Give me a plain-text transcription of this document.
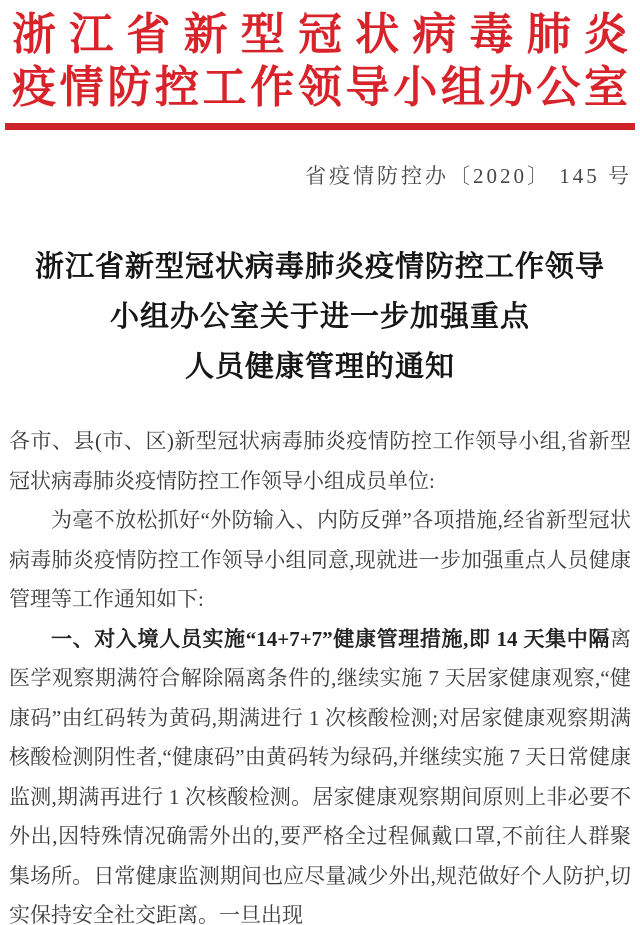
浙 江 省 新 型 冠 状 病 毒 肺 炎
疫 情 防 控 工 作 领 导 小 组 办 公 室
省疫情防控办〔2020〕 145 号
浙江省新型冠状病毒肺炎疫情防控工作领导
小组办公室关于进一步加强重点
人员健康管理的通知

各市、县(市、区)新型冠状病毒肺炎疫情防控工作领导小组,省新型冠状病毒肺炎疫情防控工作领导小组成员单位:

为毫不放松抓好“外防输入、内防反弹”各项措施,经省新型冠状病毒肺炎疫情防控工作领导小组同意,现就进一步加强重点人员健康管理等工作通知如下:

一、对入境人员实施“14+7+7”健康管理措施,即 14 天集中隔离医学观察期满符合解除隔离条件的,继续实施 7 天居家健康观察,“健康码”由红码转为黄码,期满进行 1 次核酸检测;对居家健康观察期满核酸检测阴性者,“健康码”由黄码转为绿码,并继续实施 7 天日常健康监测,期满再进行 1 次核酸检测。居家健康观察期间原则上非必要不外出,因特殊情况确需外出的,要严格全过程佩戴口罩,不前往人群聚集场所。日常健康监测期间也应尽量减少外出,规范做好个人防护,切实保持安全社交距离。一旦出现
